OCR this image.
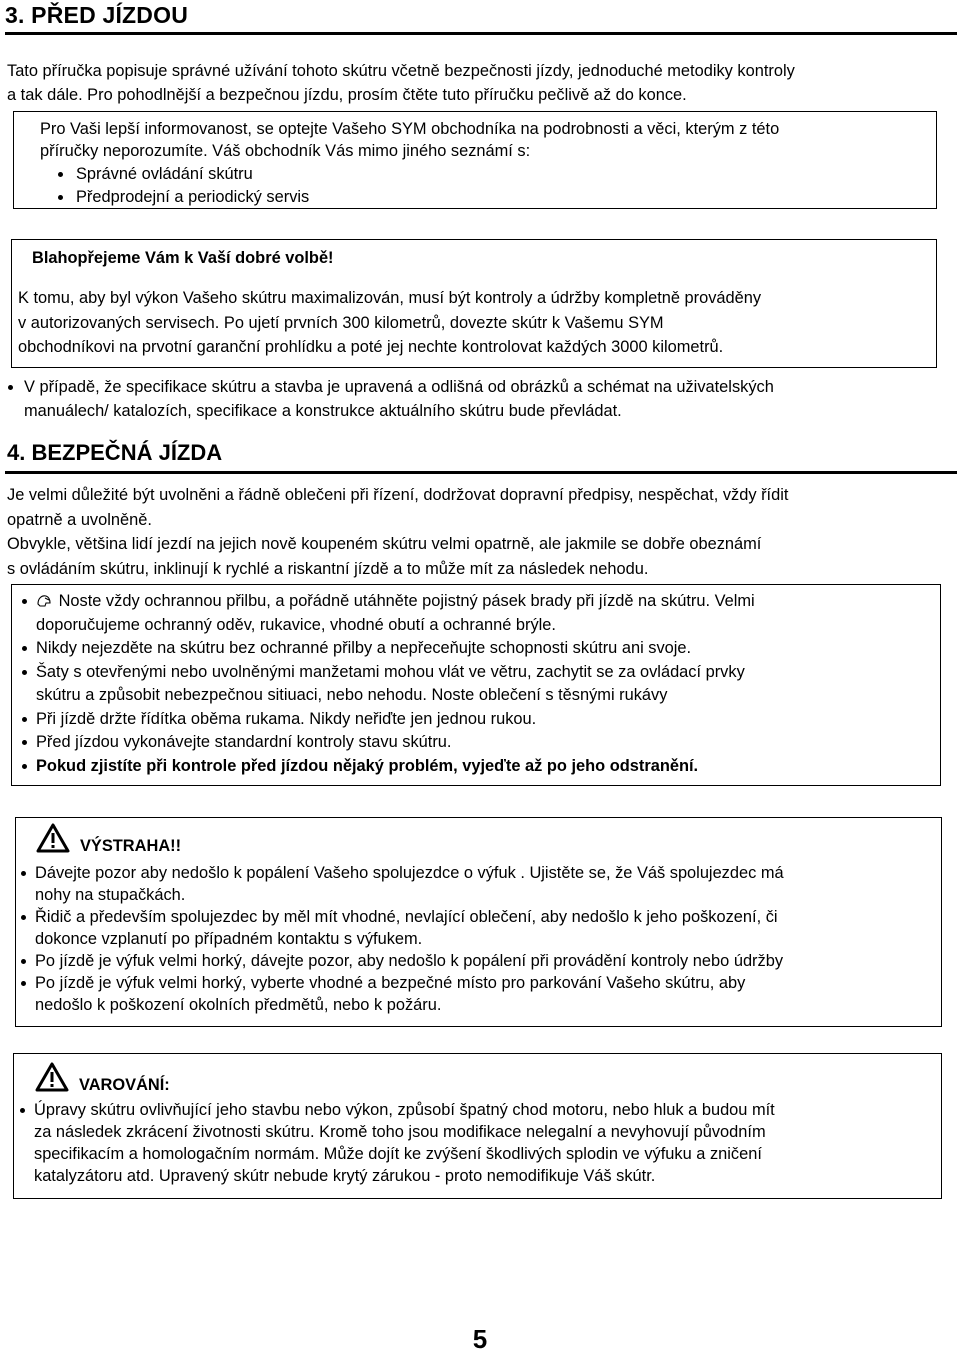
3. PŘED JÍZDOU
Tato příručka popisuje správné užívání tohoto skútru včetně bezpečnosti jízdy, jednoduché metodiky kontroly
a tak dále. Pro pohodlnější a bezpečnou jízdu, prosím čtěte tuto příručku pečlivě až do konce.
Pro Vaši lepší informovanost, se optejte Vašeho SYM obchodníka na podrobnosti a věci, kterým z této
příručky neporozumíte. Váš obchodník Vás mimo jiného seznámí s:
Správné ovládání skútru
Předprodejní a periodický servis
Blahopřejeme Vám k Vaší dobré volbě!
K tomu, aby byl výkon Vašeho skútru maximalizován, musí být kontroly a údržby kompletně prováděny
v autorizovaných servisech. Po ujetí prvních 300 kilometrů, dovezte skútr k Vašemu SYM
obchodníkovi na prvotní garanční prohlídku a poté jej nechte kontrolovat každých 3000 kilometrů.
V případě, že specifikace skútru a stavba je upravená a odlišná od obrázků a schémat na uživatelských
manuálech/ katalozích, specifikace a konstrukce aktuálního skútru bude převládat.
4. BEZPEČNÁ JÍZDA
Je velmi důležité být uvolněni a řádně oblečeni při řízení, dodržovat dopravní předpisy, nespěchat, vždy řídit
opatrně a uvolněně.
Obvykle, většina lidí jezdí na jejich nově koupeném skútru velmi opatrně, ale jakmile se dobře obeznámí
s ovládáním skútru, inklinují k rychlé a riskantní jízdě a to může mít za následek nehodu.
Noste vždy ochrannou přilbu, a pořádně utáhněte pojistný pásek brady při jízdě na skútru. Velmi
doporučujeme ochranný oděv, rukavice, vhodné obutí a ochranné brýle.
Nikdy nejezděte na skútru bez ochranné přilby a nepřeceňujte schopnosti skútru ani svoje.
Šaty s otevřenými nebo uvolněnými manžetami mohou vlát ve větru, zachytit se za ovládací prvky
skútru a způsobit nebezpečnou sitiuaci, nebo nehodu. Noste oblečení s těsnými rukávy
Při jízdě držte řídítka oběma rukama. Nikdy neřiďte jen jednou rukou.
Před jízdou vykonávejte standardní kontroly stavu skútru.
Pokud zjistíte při kontrole před jízdou nějaký problém, vyjeďte až po jeho odstranění.
VÝSTRAHA!!
Dávejte pozor aby nedošlo k popálení Vašeho spolujezdce o výfuk . Ujistěte se, že Váš spolujezdec má
nohy na stupačkách.
Řidič a především spolujezdec by měl mít vhodné, nevlající oblečení, aby nedošlo k jeho poškození, či
dokonce vzplanutí po případném kontaktu s výfukem.
Po jízdě je výfuk velmi horký, dávejte pozor, aby nedošlo k popálení při provádění kontroly nebo údržby
Po jízdě je výfuk velmi horký, vyberte vhodné a bezpečné místo pro parkování Vašeho skútru, aby
nedošlo k poškození okolních předmětů, nebo k požáru.
VAROVÁNÍ:
Úpravy skútru ovlivňující jeho stavbu nebo výkon, způsobí špatný chod motoru, nebo hluk a budou mít
za následek zkrácení životnosti skútru. Kromě toho jsou modifikace nelegalní a nevyhovují původním
specifikacím a homologačním normám. Může dojít ke zvýšení škodlivých splodin ve výfuku a zničení
katalyzátoru atd. Upravený skútr nebude krytý zárukou - proto nemodifikuje Váš skútr.
5
